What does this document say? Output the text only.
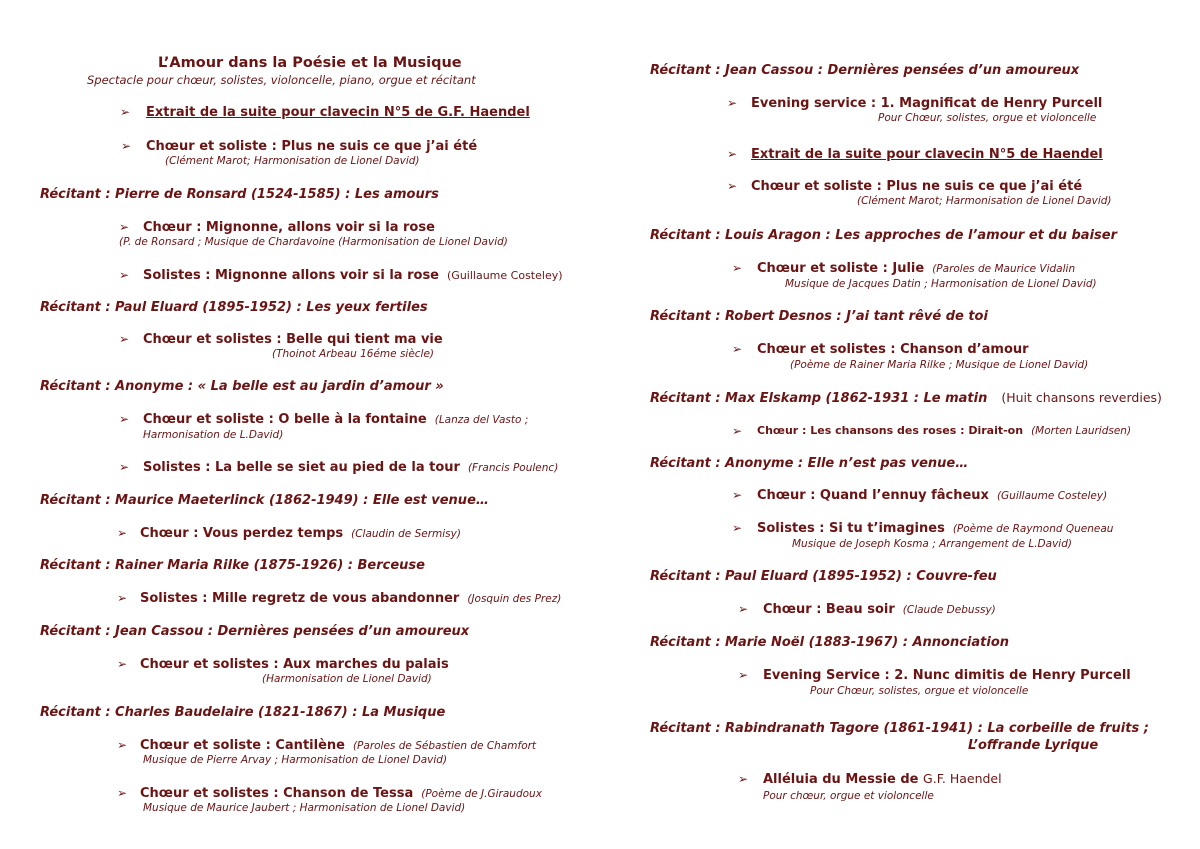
L’Amour dans la Poésie et la Musique
Spectacle pour chœur, solistes, violoncelle, piano, orgue et récitant
➢ Extrait de la suite pour clavecin N°5 de G.F. Haendel
➢ Chœur et soliste : Plus ne suis ce que j’ai été
(Clément Marot; Harmonisation de Lionel David)
Récitant : Pierre de Ronsard (1524-1585) : Les amours
➢ Chœur : Mignonne, allons voir si la rose
(P. de Ronsard ; Musique de Chardavoine (Harmonisation de Lionel David)
➢ Solistes : Mignonne allons voir si la rose (Guillaume Costeley)
Récitant : Paul Eluard (1895-1952) : Les yeux fertiles
➢ Chœur et solistes : Belle qui tient ma vie
(Thoinot Arbeau 16éme siècle)
Récitant : Anonyme : « La belle est au jardin d’amour »
➢ Chœur et soliste : O belle à la fontaine (Lanza del Vasto ;
Harmonisation de L.David)
➢ Solistes : La belle se siet au pied de la tour (Francis Poulenc)
Récitant : Maurice Maeterlinck (1862-1949) : Elle est venue…
➢ Chœur : Vous perdez temps (Claudin de Sermisy)
Récitant : Rainer Maria Rilke (1875-1926) : Berceuse
➢ Solistes : Mille regretz de vous abandonner (Josquin des Prez)
Récitant : Jean Cassou : Dernières pensées d’un amoureux
➢ Chœur et solistes : Aux marches du palais
(Harmonisation de Lionel David)
Récitant : Charles Baudelaire (1821-1867) : La Musique
➢ Chœur et soliste : Cantilène (Paroles de Sébastien de Chamfort
Musique de Pierre Arvay ; Harmonisation de Lionel David)
➢ Chœur et solistes : Chanson de Tessa (Poème de J.Giraudoux
Musique de Maurice Jaubert ; Harmonisation de Lionel David)
Récitant : Jean Cassou : Dernières pensées d’un amoureux
➢ Evening service : 1. Magnificat de Henry Purcell
Pour Chœur, solistes, orgue et violoncelle
➢ Extrait de la suite pour clavecin N°5 de Haendel
➢ Chœur et soliste : Plus ne suis ce que j’ai été
(Clément Marot; Harmonisation de Lionel David)
Récitant : Louis Aragon : Les approches de l’amour et du baiser
➢ Chœur et soliste : Julie (Paroles de Maurice Vidalin
Musique de Jacques Datin ; Harmonisation de Lionel David)
Récitant : Robert Desnos : J’ai tant rêvé de toi
➢ Chœur et solistes : Chanson d’amour
(Poème de Rainer Maria Rilke ; Musique de Lionel David)
Récitant : Max Elskamp (1862-1931 : Le matin (Huit chansons reverdies)
➢ Chœur : Les chansons des roses : Dirait-on (Morten Lauridsen)
Récitant : Anonyme : Elle n’est pas venue…
➢ Chœur : Quand l’ennuy fâcheux (Guillaume Costeley)
➢ Solistes : Si tu t’imagines (Poème de Raymond Queneau
Musique de Joseph Kosma ; Arrangement de L.David)
Récitant : Paul Eluard (1895-1952) : Couvre-feu
➢ Chœur : Beau soir (Claude Debussy)
Récitant : Marie Noël (1883-1967) : Annonciation
➢ Evening Service : 2. Nunc dimitis de Henry Purcell
Pour Chœur, solistes, orgue et violoncelle
Récitant : Rabindranath Tagore (1861-1941) : La corbeille de fruits ;
L’offrande Lyrique
➢ Alléluia du Messie de G.F. Haendel
Pour chœur, orgue et violoncelle
